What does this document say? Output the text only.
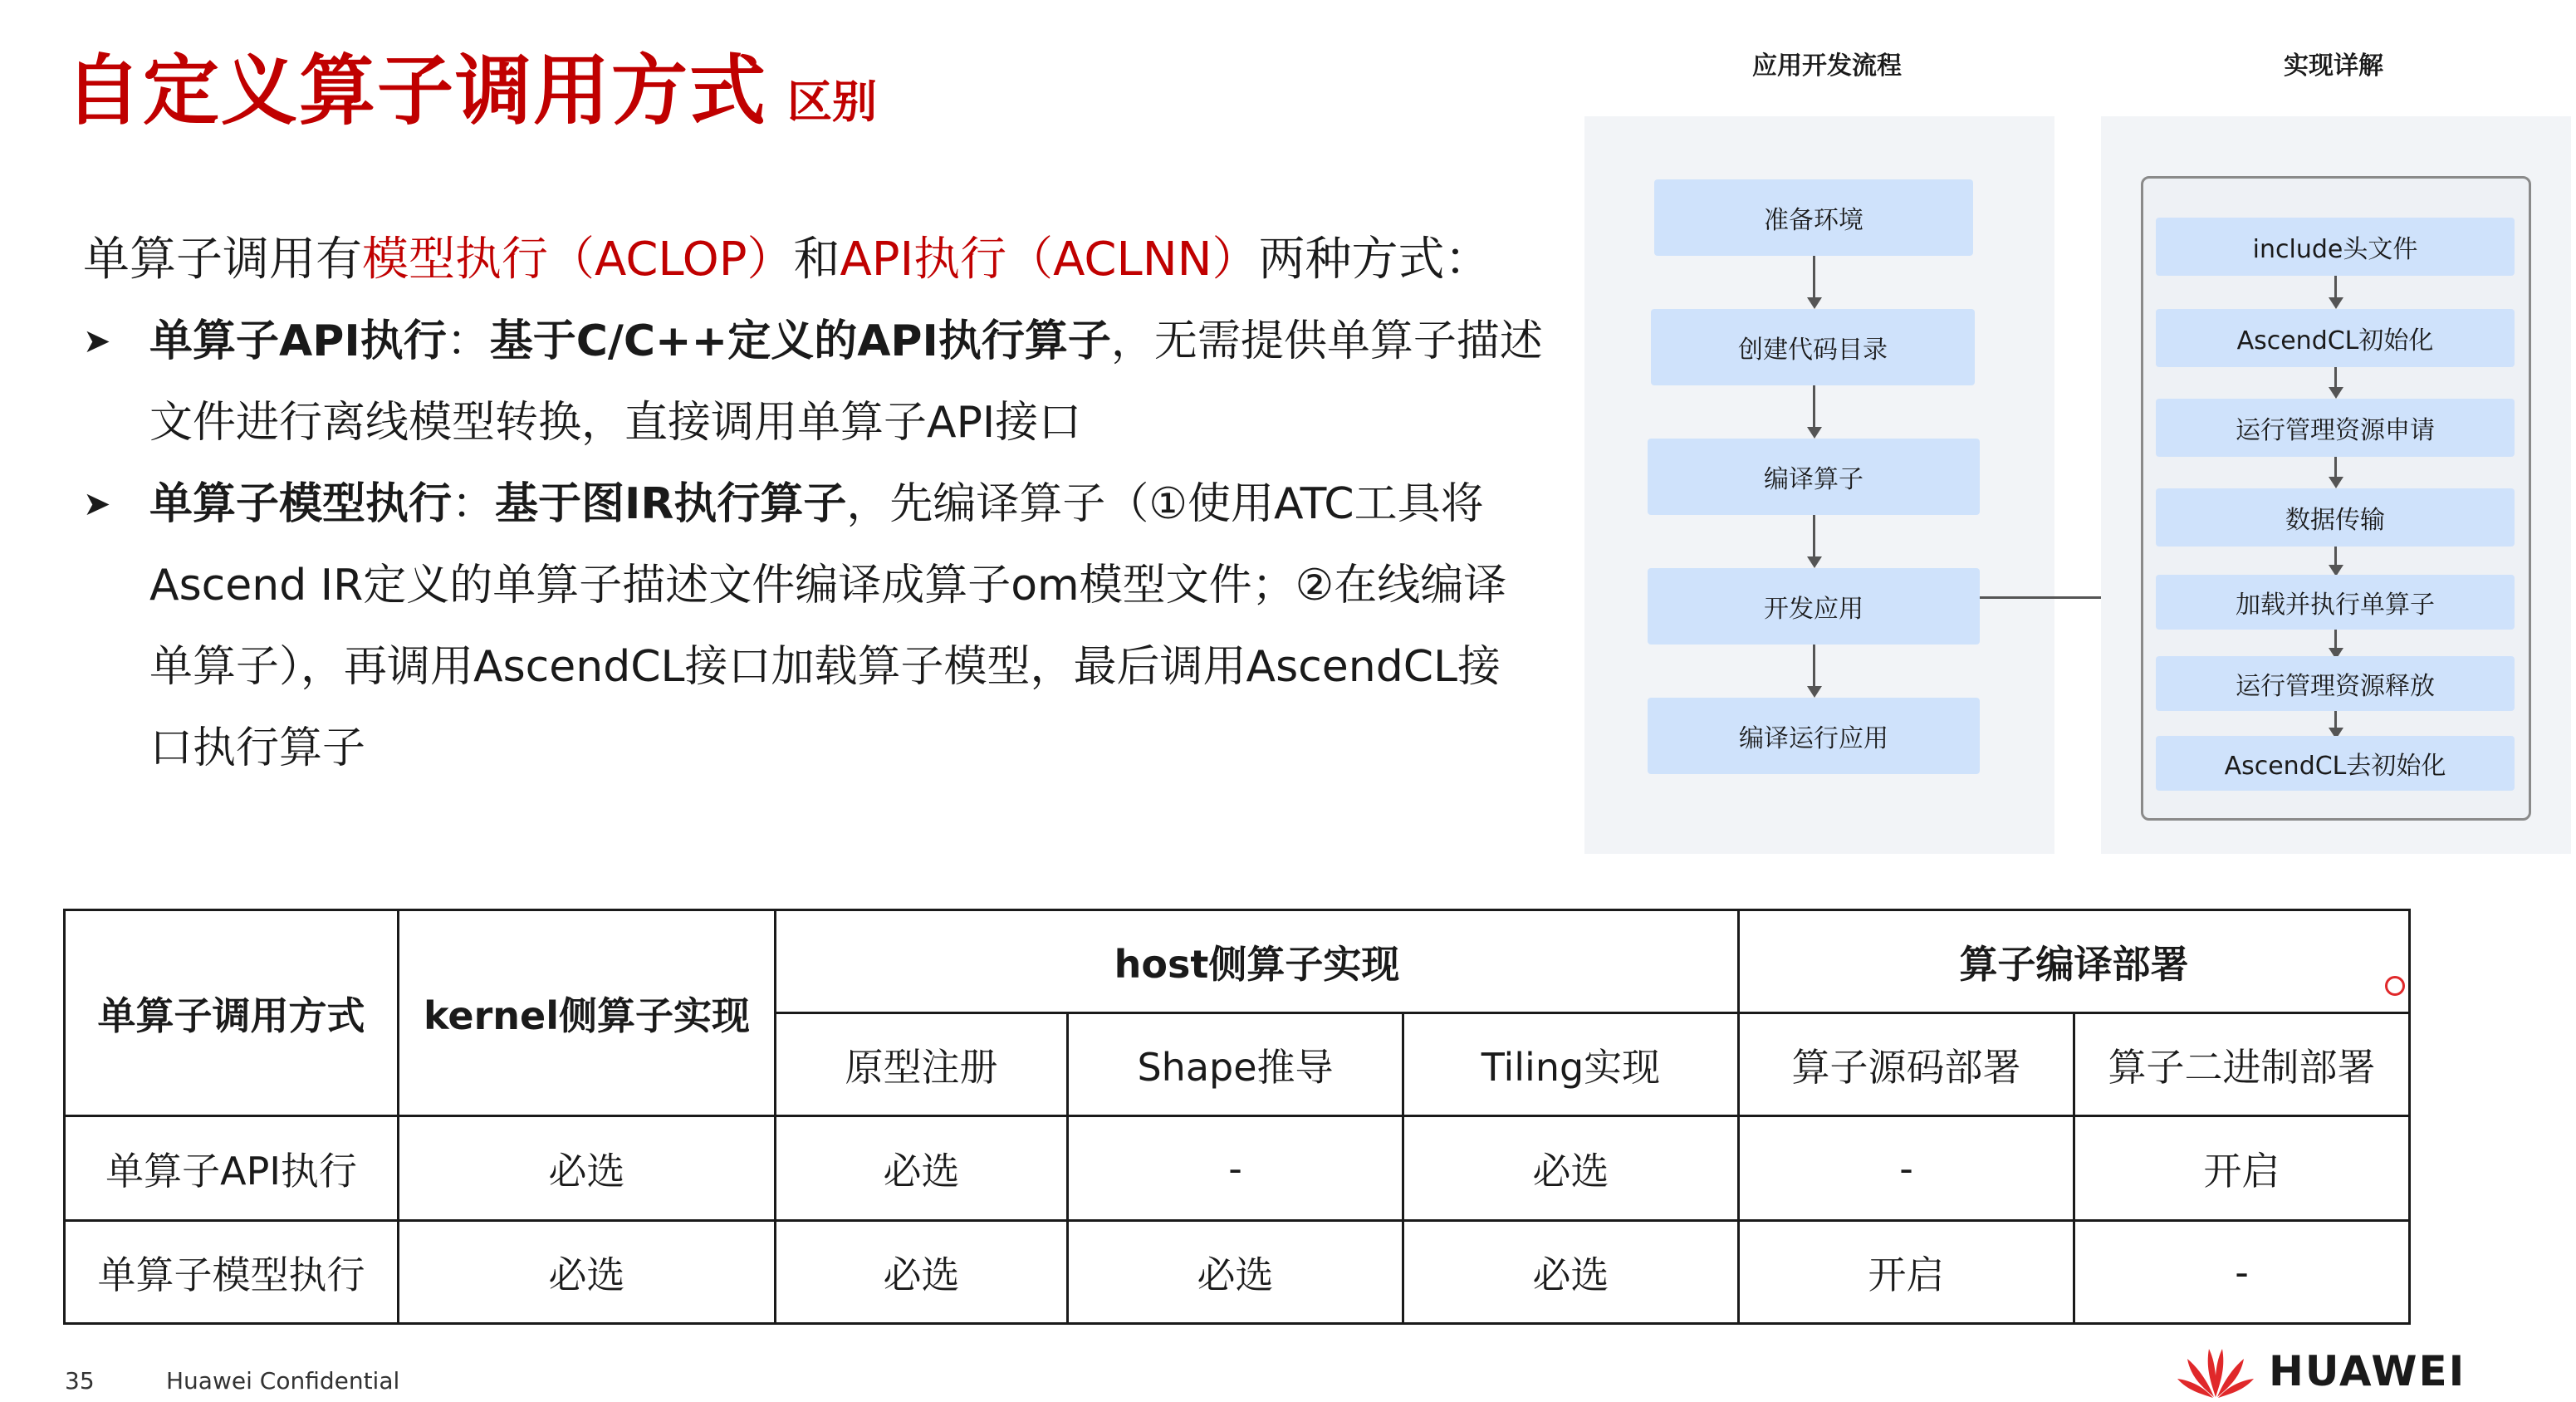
自定义算子调用方式 区别
单算子调用有模型执行（ACLOP）和API执行（ACLNN）两种方式：
➤ 单算子API执行：基于C/C++定义的API执行算子，无需提供单算子描述
文件进行离线模型转换，直接调用单算子API接口
➤ 单算子模型执行：基于图IR执行算子，先编译算子（①使用ATC工具将
Ascend IR定义的单算子描述文件编译成算子om模型文件；②在线编译
单算子），再调用AscendCL接口加载算子模型，最后调用AscendCL接
口执行算子
应用开发流程	实现详解
准备环境
创建代码目录
编译算子
开发应用
编译运行应用
include头文件
AscendCL初始化
运行管理资源申请
数据传输
加载并执行单算子
运行管理资源释放
AscendCL去初始化
单算子调用方式	kernel侧算子实现	host侧算子实现			算子编译部署	
		原型注册	Shape推导	Tiling实现	算子源码部署	算子二进制部署
单算子API执行	必选	必选	-	必选	-	开启
单算子模型执行	必选	必选	必选	必选	开启	-
35	Huawei Confidential	HUAWEI
